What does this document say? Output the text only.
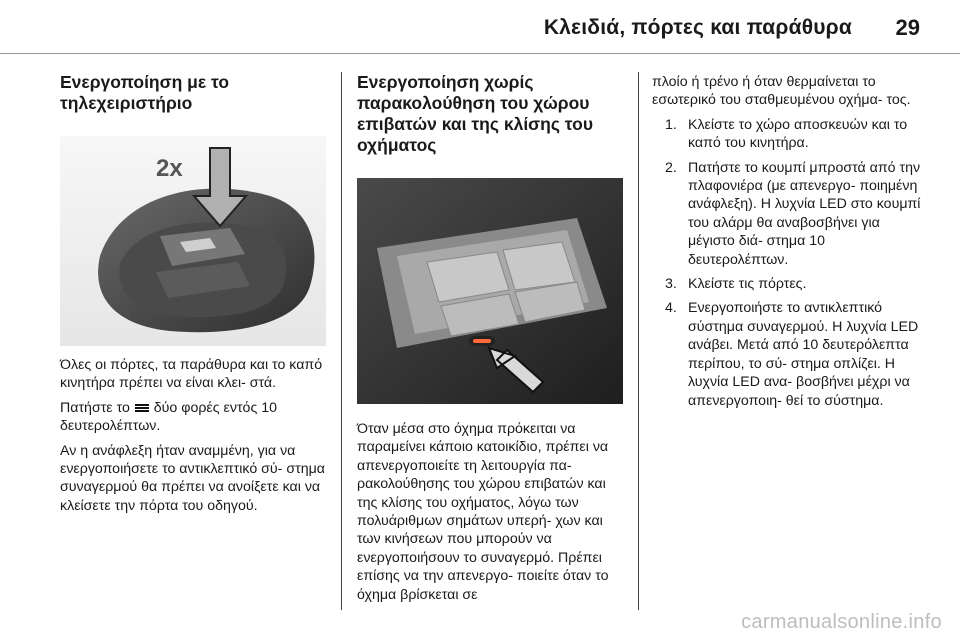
Κλειδιά, πόρτες και παράθυρα 29
Ενεργοποίηση με το τηλεχειριστήριο
2x

Όλες οι πόρτες, τα παράθυρα και το καπό κινητήρα πρέπει να είναι κλει- στά.

Πατήστε το δύο φορές εντός 10 δευτερολέπτων.

Αν η ανάφλεξη ήταν αναμμένη, για να ενεργοποιήσετε το αντικλεπτικό σύ- στημα συναγερμού θα πρέπει να ανοίξετε και να κλείσετε την πόρτα του οδηγού.

Ενεργοποίηση χωρίς παρακολούθηση του χώρου επιβατών και της κλίσης του οχήματος

Όταν μέσα στο όχημα πρόκειται να παραμείνει κάποιο κατοικίδιο, πρέπει να απενεργοποιείτε τη λειτουργία πα- ρακολούθησης του χώρου επιβατών και της κλίσης του οχήματος, λόγω των πολυάριθμων σημάτων υπερή- χων και των κινήσεων που μπορούν να ενεργοποιήσουν το συναγερμό. Πρέπει επίσης να την απενεργο- ποιείτε όταν το όχημα βρίσκεται σε

πλοίο ή τρένο ή όταν θερμαίνεται το εσωτερικό του σταθμευμένου οχήμα- τος.

1. Κλείστε το χώρο αποσκευών και το καπό του κινητήρα.
2. Πατήστε το κουμπί μπροστά από την πλαφονιέρα (με απενεργο- ποιημένη ανάφλεξη). Η λυχνία LED στο κουμπί του αλάρμ θα αναβοσβήνει για μέγιστο διά- στημα 10 δευτερολέπτων.
3. Κλείστε τις πόρτες.
4. Ενεργοποιήστε το αντικλεπτικό σύστημα συναγερμού. Η λυχνία LED ανάβει. Μετά από 10 δευτερόλεπτα περίπου, το σύ- στημα οπλίζει. Η λυχνία LED ανα- βοσβήνει μέχρι να απενεργοποιη- θεί το σύστημα.
carmanualsonline.info
